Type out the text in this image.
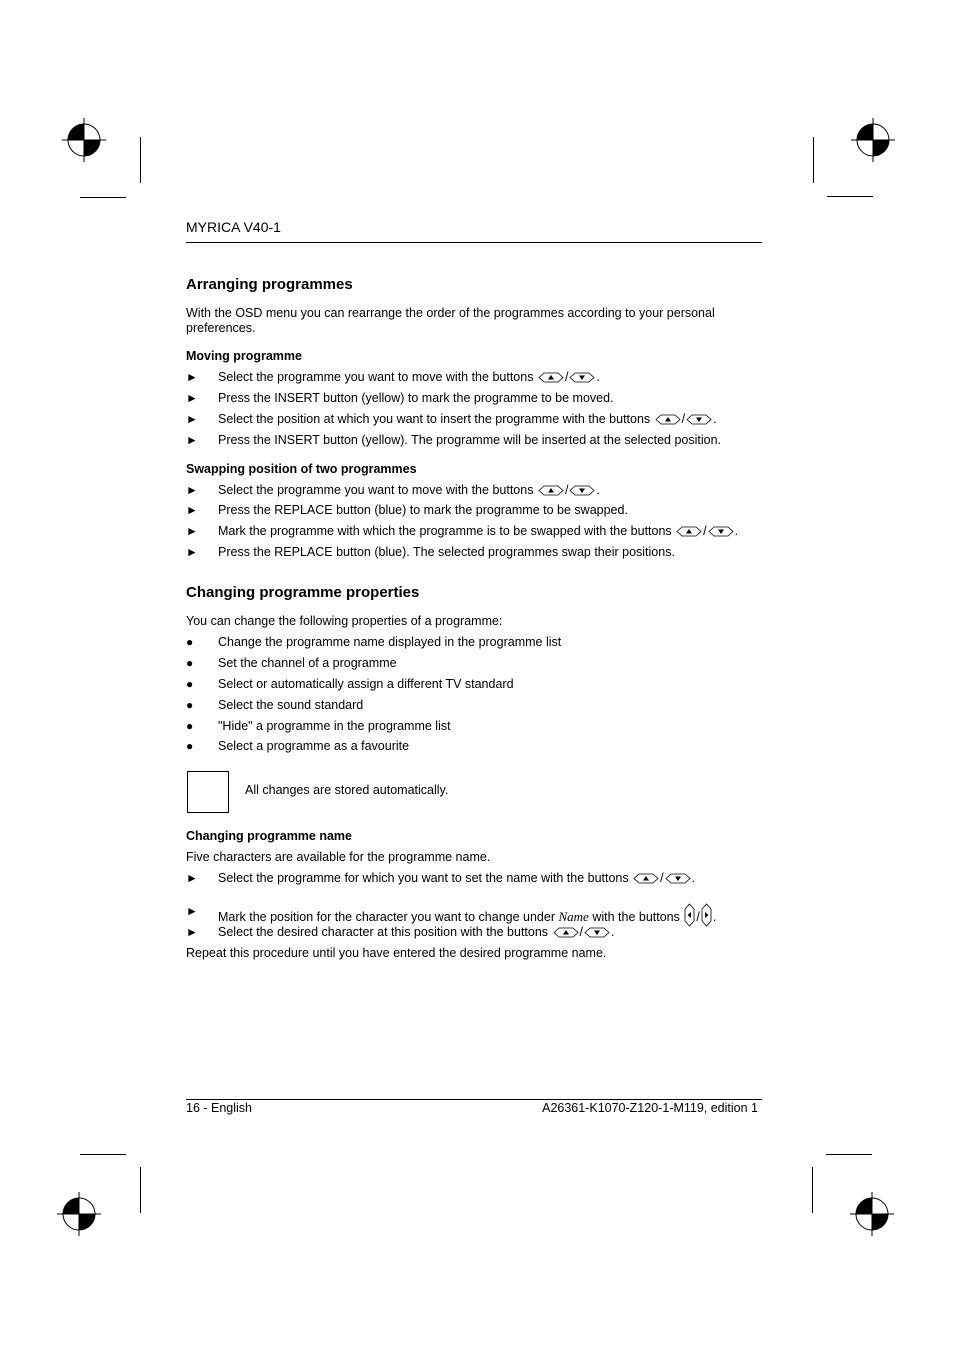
MYRICA V40-1
Arranging programmes
With the OSD menu you can rearrange the order of the programmes according to your personal preferences.
Moving programme
►	Select the programme you want to move with the buttons	/ .
►	Press the INSERT button (yellow) to mark the programme to be moved.
►	Select the position at which you want to insert the programme with the buttons	/ .
►	Press the INSERT button (yellow). The programme will be inserted at the selected position.
Swapping position of two programmes
►	Select the programme you want to move with the buttons	/ .
►	Press the REPLACE button (blue) to mark the programme to be swapped.
►	Mark the programme with which the programme is to be swapped with the buttons	/ .
►	Press the REPLACE button (blue). The selected programmes swap their positions.
Changing programme properties
You can change the following properties of a programme:
●	Change the programme name displayed in the programme list
●	Set the channel of a programme
●	Select or automatically assign a different TV standard
●	Select the sound standard
●	"Hide" a programme in the programme list
●	Select a programme as a favourite
All changes are stored automatically.
Changing programme name
Five characters are available for the programme name.
►	Select the programme for which you want to set the name with the buttons	/ .
►	Mark the position for the character you want to change under Name with the buttons / .
►	Select the desired character at this position with the buttons	/ .
Repeat this procedure until you have entered the desired programme name.
16 - English	A26361-K1070-Z120-1-M119, edition 1
